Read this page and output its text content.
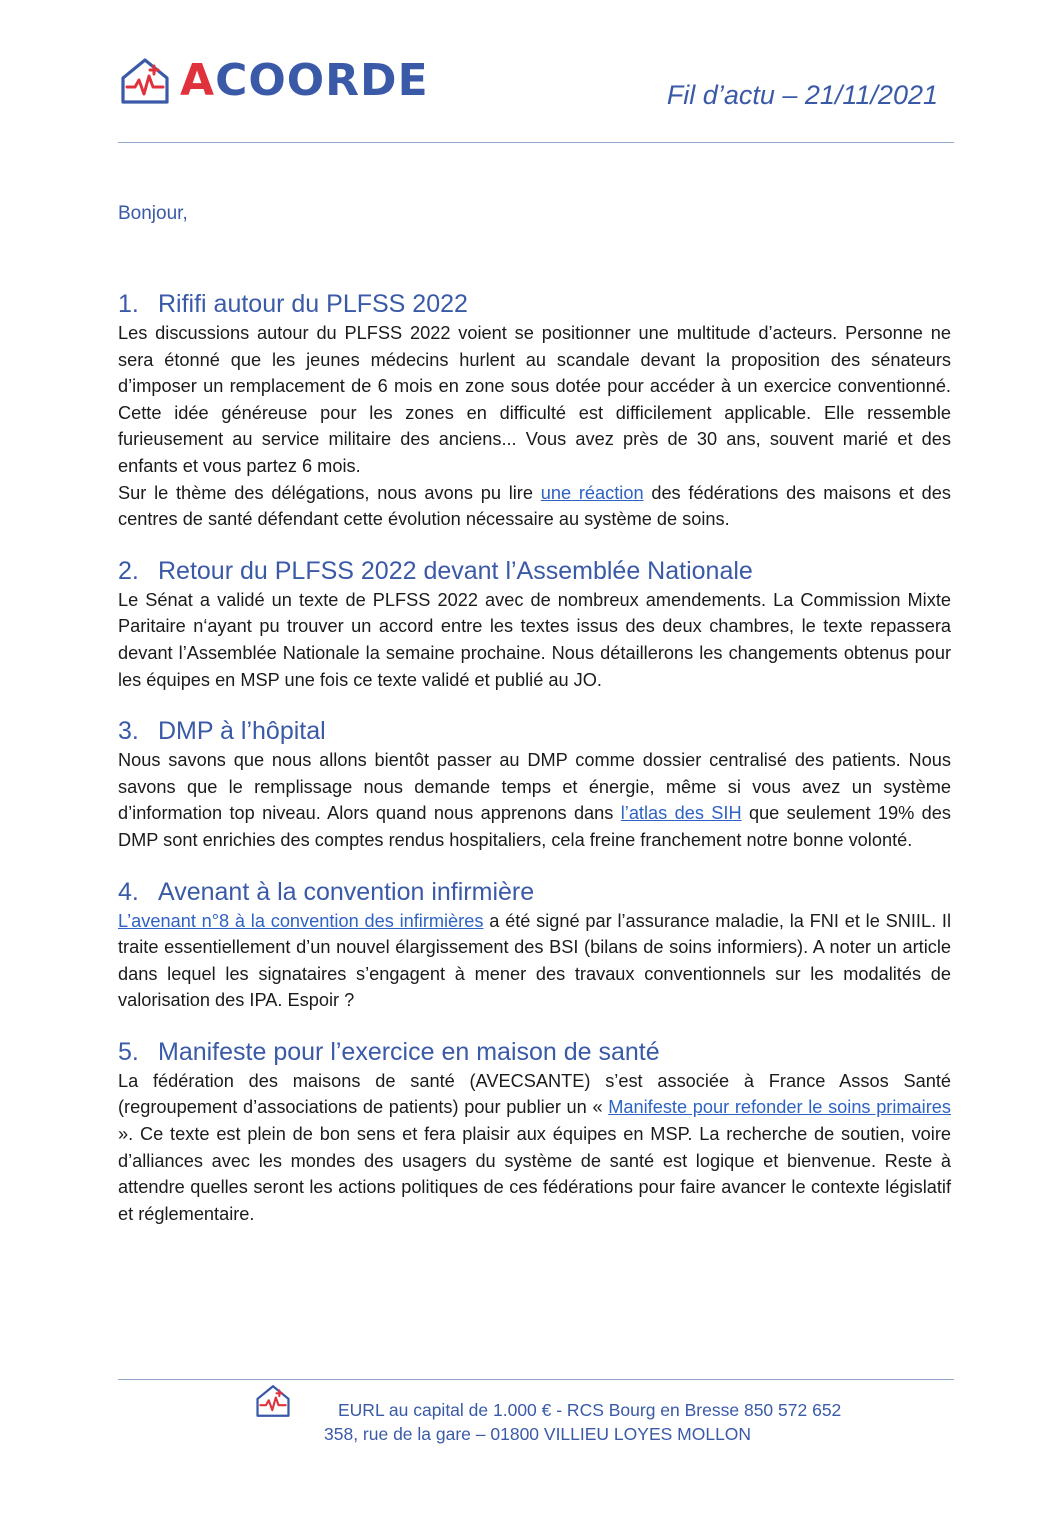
ACOORDE	Fil d’actu – 21/11/2021

Bonjour,

1. Rififi autour du PLFSS 2022

Les discussions autour du PLFSS 2022 voient se positionner une multitude d’acteurs. Personne ne sera étonné que les jeunes médecins hurlent au scandale devant la proposition des sénateurs d’imposer un remplacement de 6 mois en zone sous dotée pour accéder à un exercice conventionné. Cette idée généreuse pour les zones en difficulté est difficilement applicable. Elle ressemble furieusement au service militaire des anciens... Vous avez près de 30 ans, souvent marié et des enfants et vous partez 6 mois.

Sur le thème des délégations, nous avons pu lire une réaction des fédérations des maisons et des centres de santé défendant cette évolution nécessaire au système de soins.

2. Retour du PLFSS 2022 devant l’Assemblée Nationale

Le Sénat a validé un texte de PLFSS 2022 avec de nombreux amendements. La Commission Mixte Paritaire n‘ayant pu trouver un accord entre les textes issus des deux chambres, le texte repassera devant l’Assemblée Nationale la semaine prochaine. Nous détaillerons les changements obtenus pour les équipes en MSP une fois ce texte validé et publié au JO.

3. DMP à l’hôpital

Nous savons que nous allons bientôt passer au DMP comme dossier centralisé des patients. Nous savons que le remplissage nous demande temps et énergie, même si vous avez un système d’information top niveau. Alors quand nous apprenons dans l’atlas des SIH que seulement 19% des DMP sont enrichies des comptes rendus hospitaliers, cela freine franchement notre bonne volonté.

4. Avenant à la convention infirmière

L’avenant n°8 à la convention des infirmières a été signé par l’assurance maladie, la FNI et le SNIIL. Il traite essentiellement d’un nouvel élargissement des BSI (bilans de soins informiers). A noter un article dans lequel les signataires s’engagent à mener des travaux conventionnels sur les modalités de valorisation des IPA. Espoir ?

5. Manifeste pour l’exercice en maison de santé

La fédération des maisons de santé (AVECSANTE) s’est associée à France Assos Santé (regroupement d’associations de patients) pour publier un « Manifeste pour refonder le soins primaires ». Ce texte est plein de bon sens et fera plaisir aux équipes en MSP. La recherche de soutien, voire d’alliances avec les mondes des usagers du système de santé est logique et bienvenue. Reste à attendre quelles seront les actions politiques de ces fédérations pour faire avancer le contexte législatif et réglementaire.

EURL au capital de 1.000 € - RCS Bourg en Bresse 850 572 652
358, rue de la gare – 01800 VILLIEU LOYES MOLLON
